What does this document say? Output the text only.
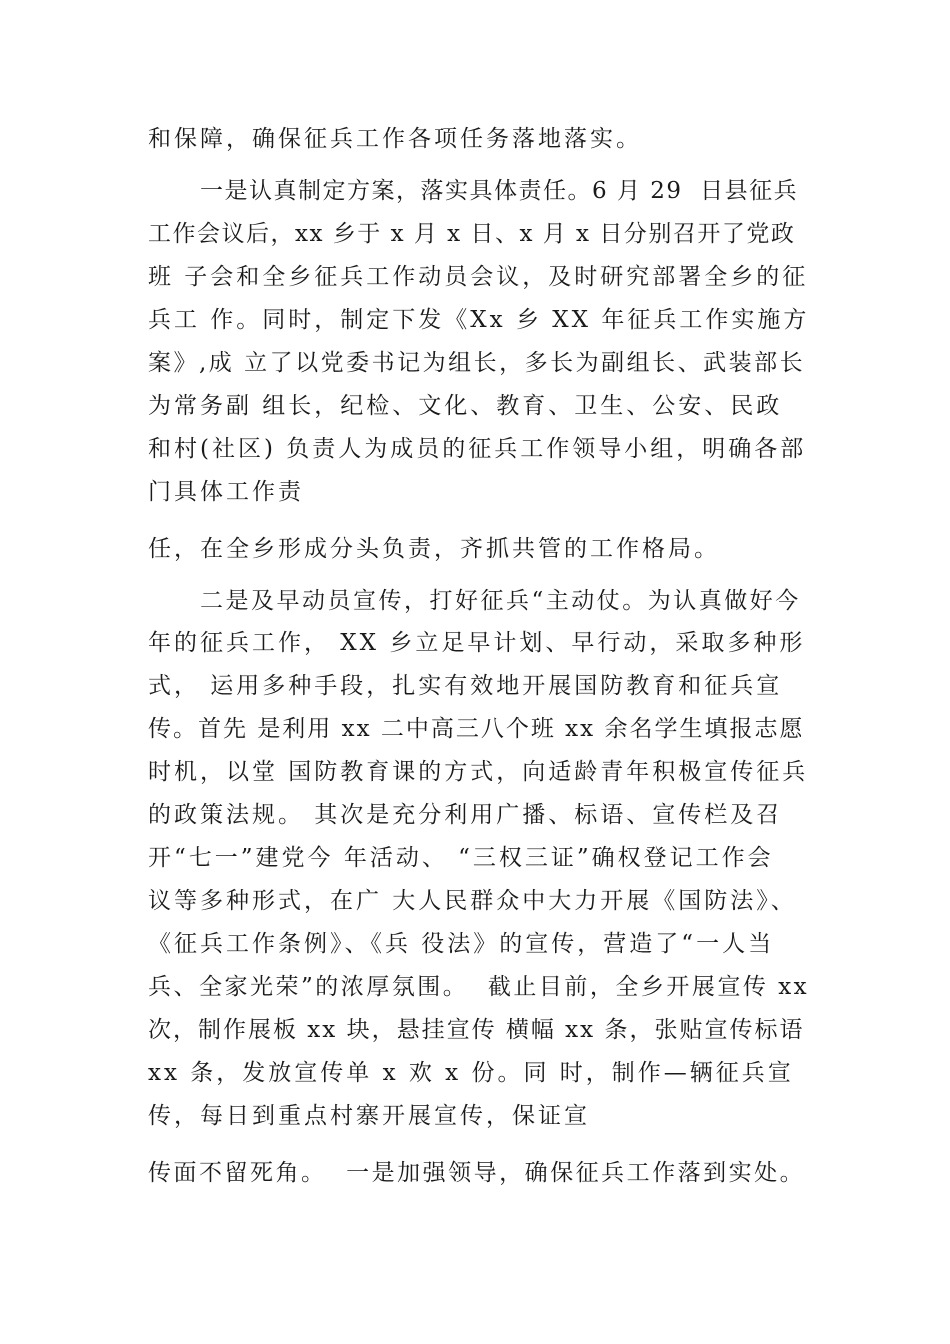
和保障，确保征兵工作各项任务落地落实。
一是认真制定方案，落实具体责任。6 月 29  日县征兵
工作会议后，xx 乡于 x 月 x 日、x 月 x 日分别召开了党政
班 子会和全乡征兵工作动员会议，及时研究部署全乡的征
兵工 作。同时，制定下发《Xx 乡 XX 年征兵工作实施方
案》,成 立了以党委书记为组长，多长为副组长、武装部长
为常务副 组长，纪检、文化、教育、卫生、公安、民政
和村(社区) 负责人为成员的征兵工作领导小组，明确各部
门具体工作责
任，在全乡形成分头负责，齐抓共管的工作格局。
二是及早动员宣传，打好征兵“主动仗。为认真做好今
年的征兵工作， XX 乡立足早计划、早行动，采取多种形
式， 运用多种手段，扎实有效地开展国防教育和征兵宣
传。首先 是利用 xx 二中高三八个班 xx 余名学生填报志愿
时机，以堂 国防教育课的方式，向适龄青年积极宣传征兵
的政策法规。 其次是充分利用广播、标语、宣传栏及召
开“七一”建党今 年活动、 “三权三证”确权登记工作会
议等多种形式，在广 大人民群众中大力开展《国防法》、
《征兵工作条例》、《兵 役法》的宣传，营造了“一人当
兵、全家光荣”的浓厚氛围。  截止目前，全乡开展宣传 xx
次，制作展板 xx 块，悬挂宣传 横幅 xx 条，张贴宣传标语
xx 条，发放宣传单 x 欢 x 份。同 时，制作—辆征兵宣
传，每日到重点村寨开展宣传，保证宣
传面不留死角。  一是加强领导，确保征兵工作落到实处。
